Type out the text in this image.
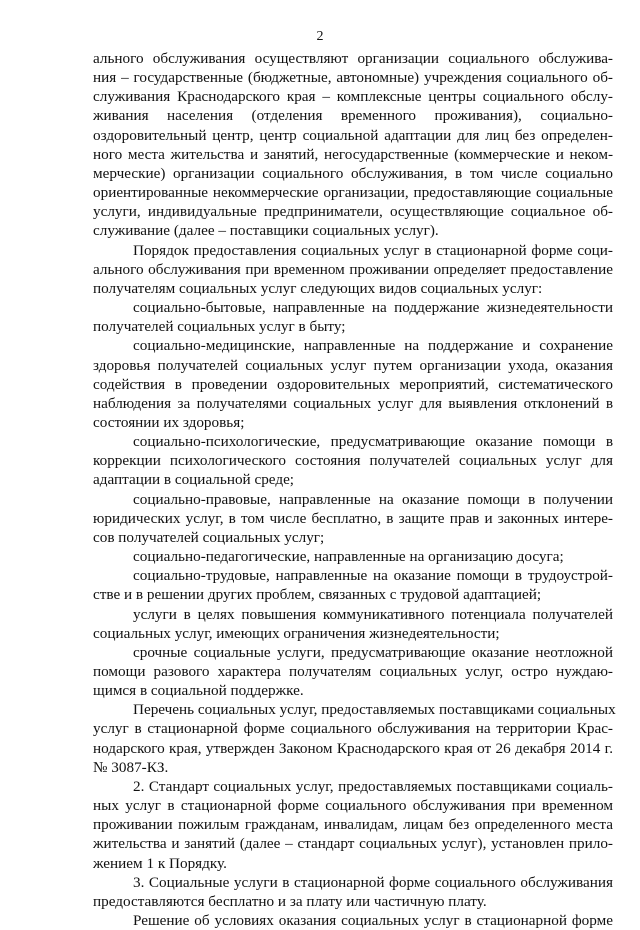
2
ального обслуживания осуществляют организации социального обслужива-
ния – государственные (бюджетные, автономные) учреждения социального об-
служивания Краснодарского края – комплексные центры социального обслу-
живания населения (отделения временного проживания), социально-
оздоровительный центр, центр социальной адаптации для лиц без определен-
ного места жительства и занятий, негосударственные (коммерческие и неком-
мерческие) организации социального обслуживания, в том числе социально
ориентированные некоммерческие организации, предоставляющие социальные
услуги, индивидуальные предприниматели, осуществляющие социальное об-
служивание (далее – поставщики социальных услуг).
Порядок предоставления социальных услуг в стационарной форме соци-
ального обслуживания при временном проживании определяет предоставление
получателям социальных услуг следующих видов социальных услуг:
социально-бытовые, направленные на поддержание жизнедеятельности
получателей социальных услуг в быту;
социально-медицинские, направленные на поддержание и сохранение
здоровья получателей социальных услуг путем организации ухода, оказания
содействия в проведении оздоровительных мероприятий, систематического
наблюдения за получателями социальных услуг для выявления отклонений в
состоянии их здоровья;
социально-психологические, предусматривающие оказание помощи в
коррекции психологического состояния получателей социальных услуг для
адаптации в социальной среде;
социально-правовые, направленные на оказание помощи в получении
юридических услуг, в том числе бесплатно, в защите прав и законных интере-
сов получателей социальных услуг;
социально-педагогические, направленные на организацию досуга;
социально-трудовые, направленные на оказание помощи в трудоустрой-
стве и в решении других проблем, связанных с трудовой адаптацией;
услуги в целях повышения коммуникативного потенциала получателей
социальных услуг, имеющих ограничения жизнедеятельности;
срочные социальные услуги, предусматривающие оказание неотложной
помощи разового характера получателям социальных услуг, остро нуждаю-
щимся в социальной поддержке.
Перечень социальных услуг, предоставляемых поставщиками социальных
услуг в стационарной форме социального обслуживания на территории Крас-
нодарского края, утвержден Законом Краснодарского края от 26 декабря 2014 г.
№ 3087-КЗ.
2. Стандарт социальных услуг, предоставляемых поставщиками социаль-
ных услуг в стационарной форме социального обслуживания при временном
проживании пожилым гражданам, инвалидам, лицам без определенного места
жительства и занятий (далее – стандарт социальных услуг), установлен прило-
жением 1 к Порядку.
3. Социальные услуги в стационарной форме социального обслуживания
предоставляются бесплатно и за плату или частичную плату.
Решение об условиях оказания социальных услуг в стационарной форме
